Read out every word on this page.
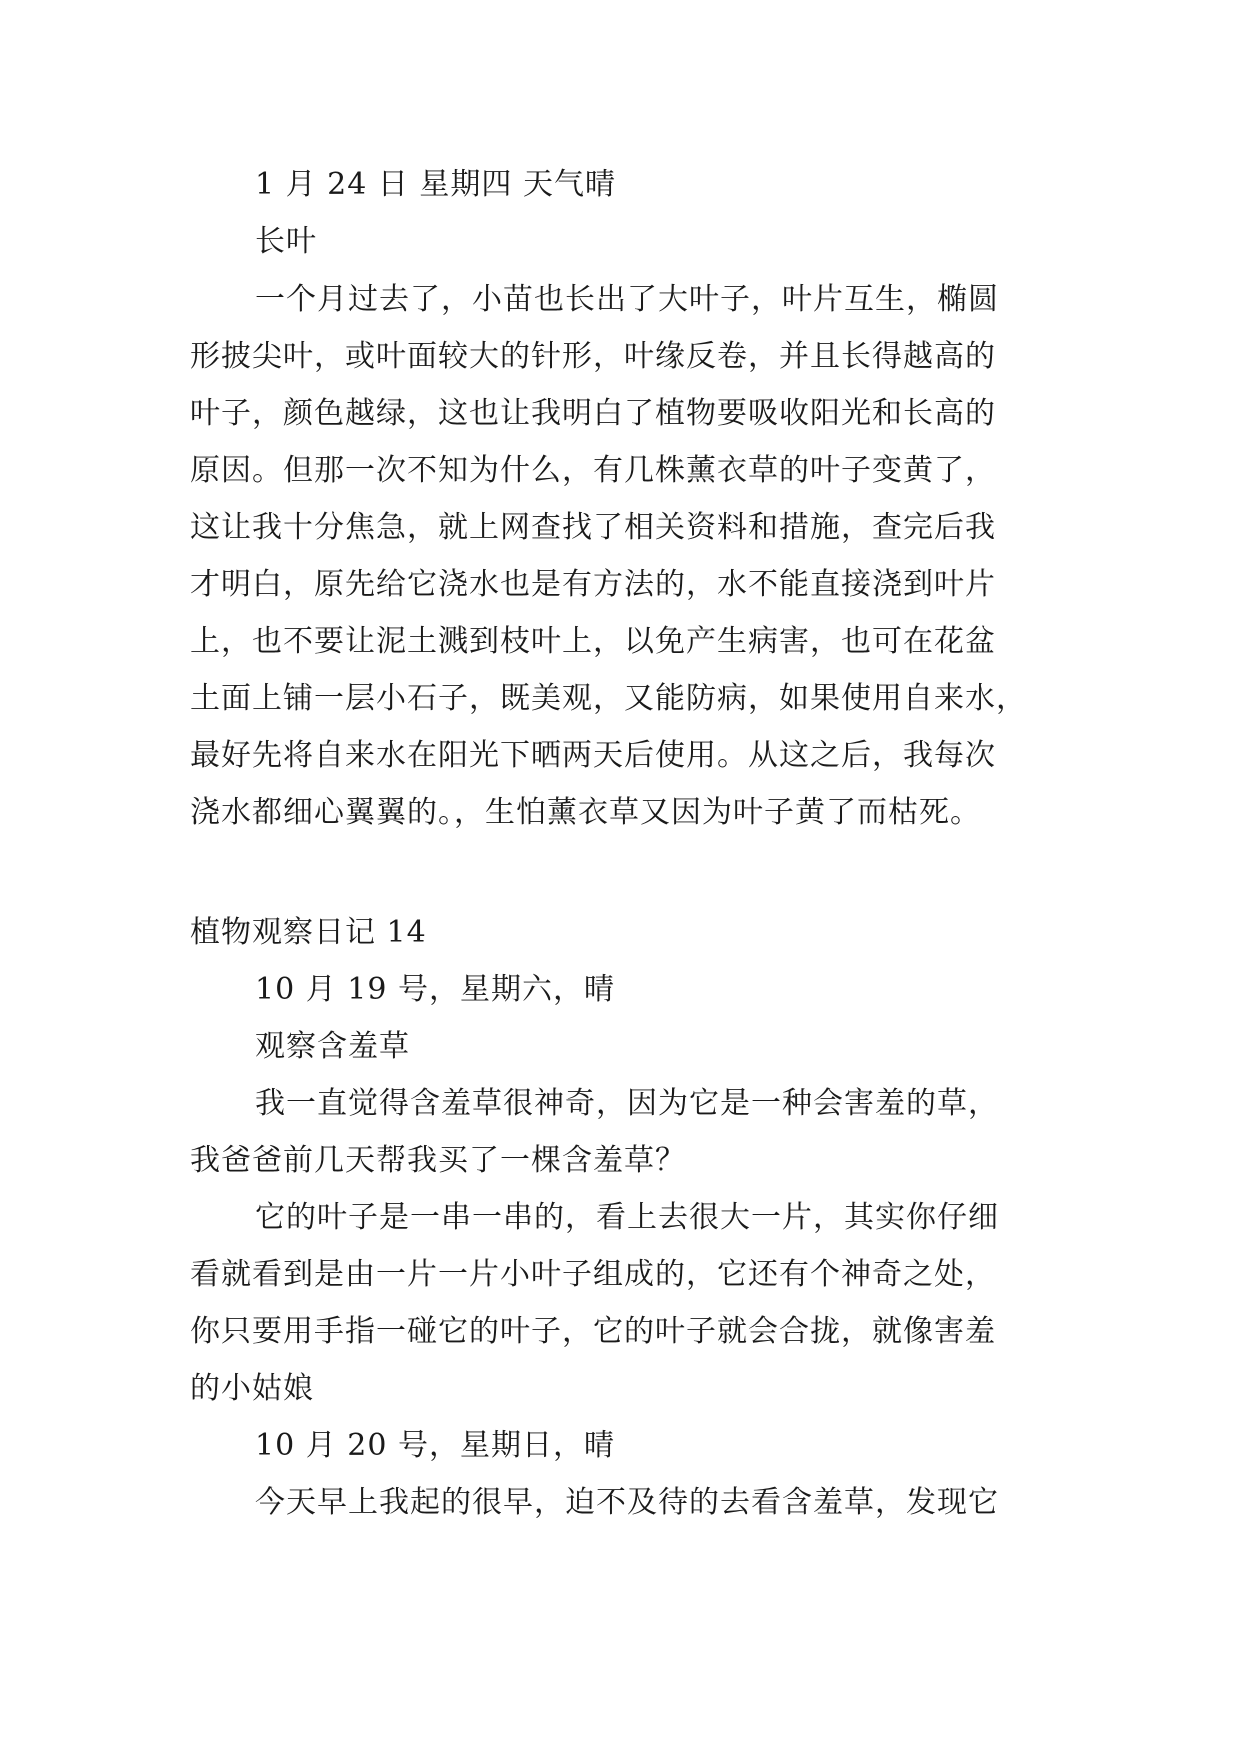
1 月 24 日 星期四 天气晴
长叶
一个月过去了，小苗也长出了大叶子，叶片互生，椭圆
形披尖叶，或叶面较大的针形，叶缘反卷，并且长得越高的
叶子，颜色越绿，这也让我明白了植物要吸收阳光和长高的
原因。但那一次不知为什么，有几株薰衣草的叶子变黄了，
这让我十分焦急，就上网查找了相关资料和措施，查完后我
才明白，原先给它浇水也是有方法的，水不能直接浇到叶片
上，也不要让泥土溅到枝叶上，以免产生病害，也可在花盆
土面上铺一层小石子，既美观，又能防病，如果使用自来水，
最好先将自来水在阳光下晒两天后使用。从这之后，我每次
浇水都细心翼翼的。，生怕薰衣草又因为叶子黄了而枯死。
植物观察日记 14
10 月 19 号，星期六，晴
观察含羞草
我一直觉得含羞草很神奇，因为它是一种会害羞的草，
我爸爸前几天帮我买了一棵含羞草？
它的叶子是一串一串的，看上去很大一片，其实你仔细
看就看到是由一片一片小叶子组成的，它还有个神奇之处，
你只要用手指一碰它的叶子，它的叶子就会合拢，就像害羞
的小姑娘
10 月 20 号，星期日，晴
今天早上我起的很早，迫不及待的去看含羞草，发现它
